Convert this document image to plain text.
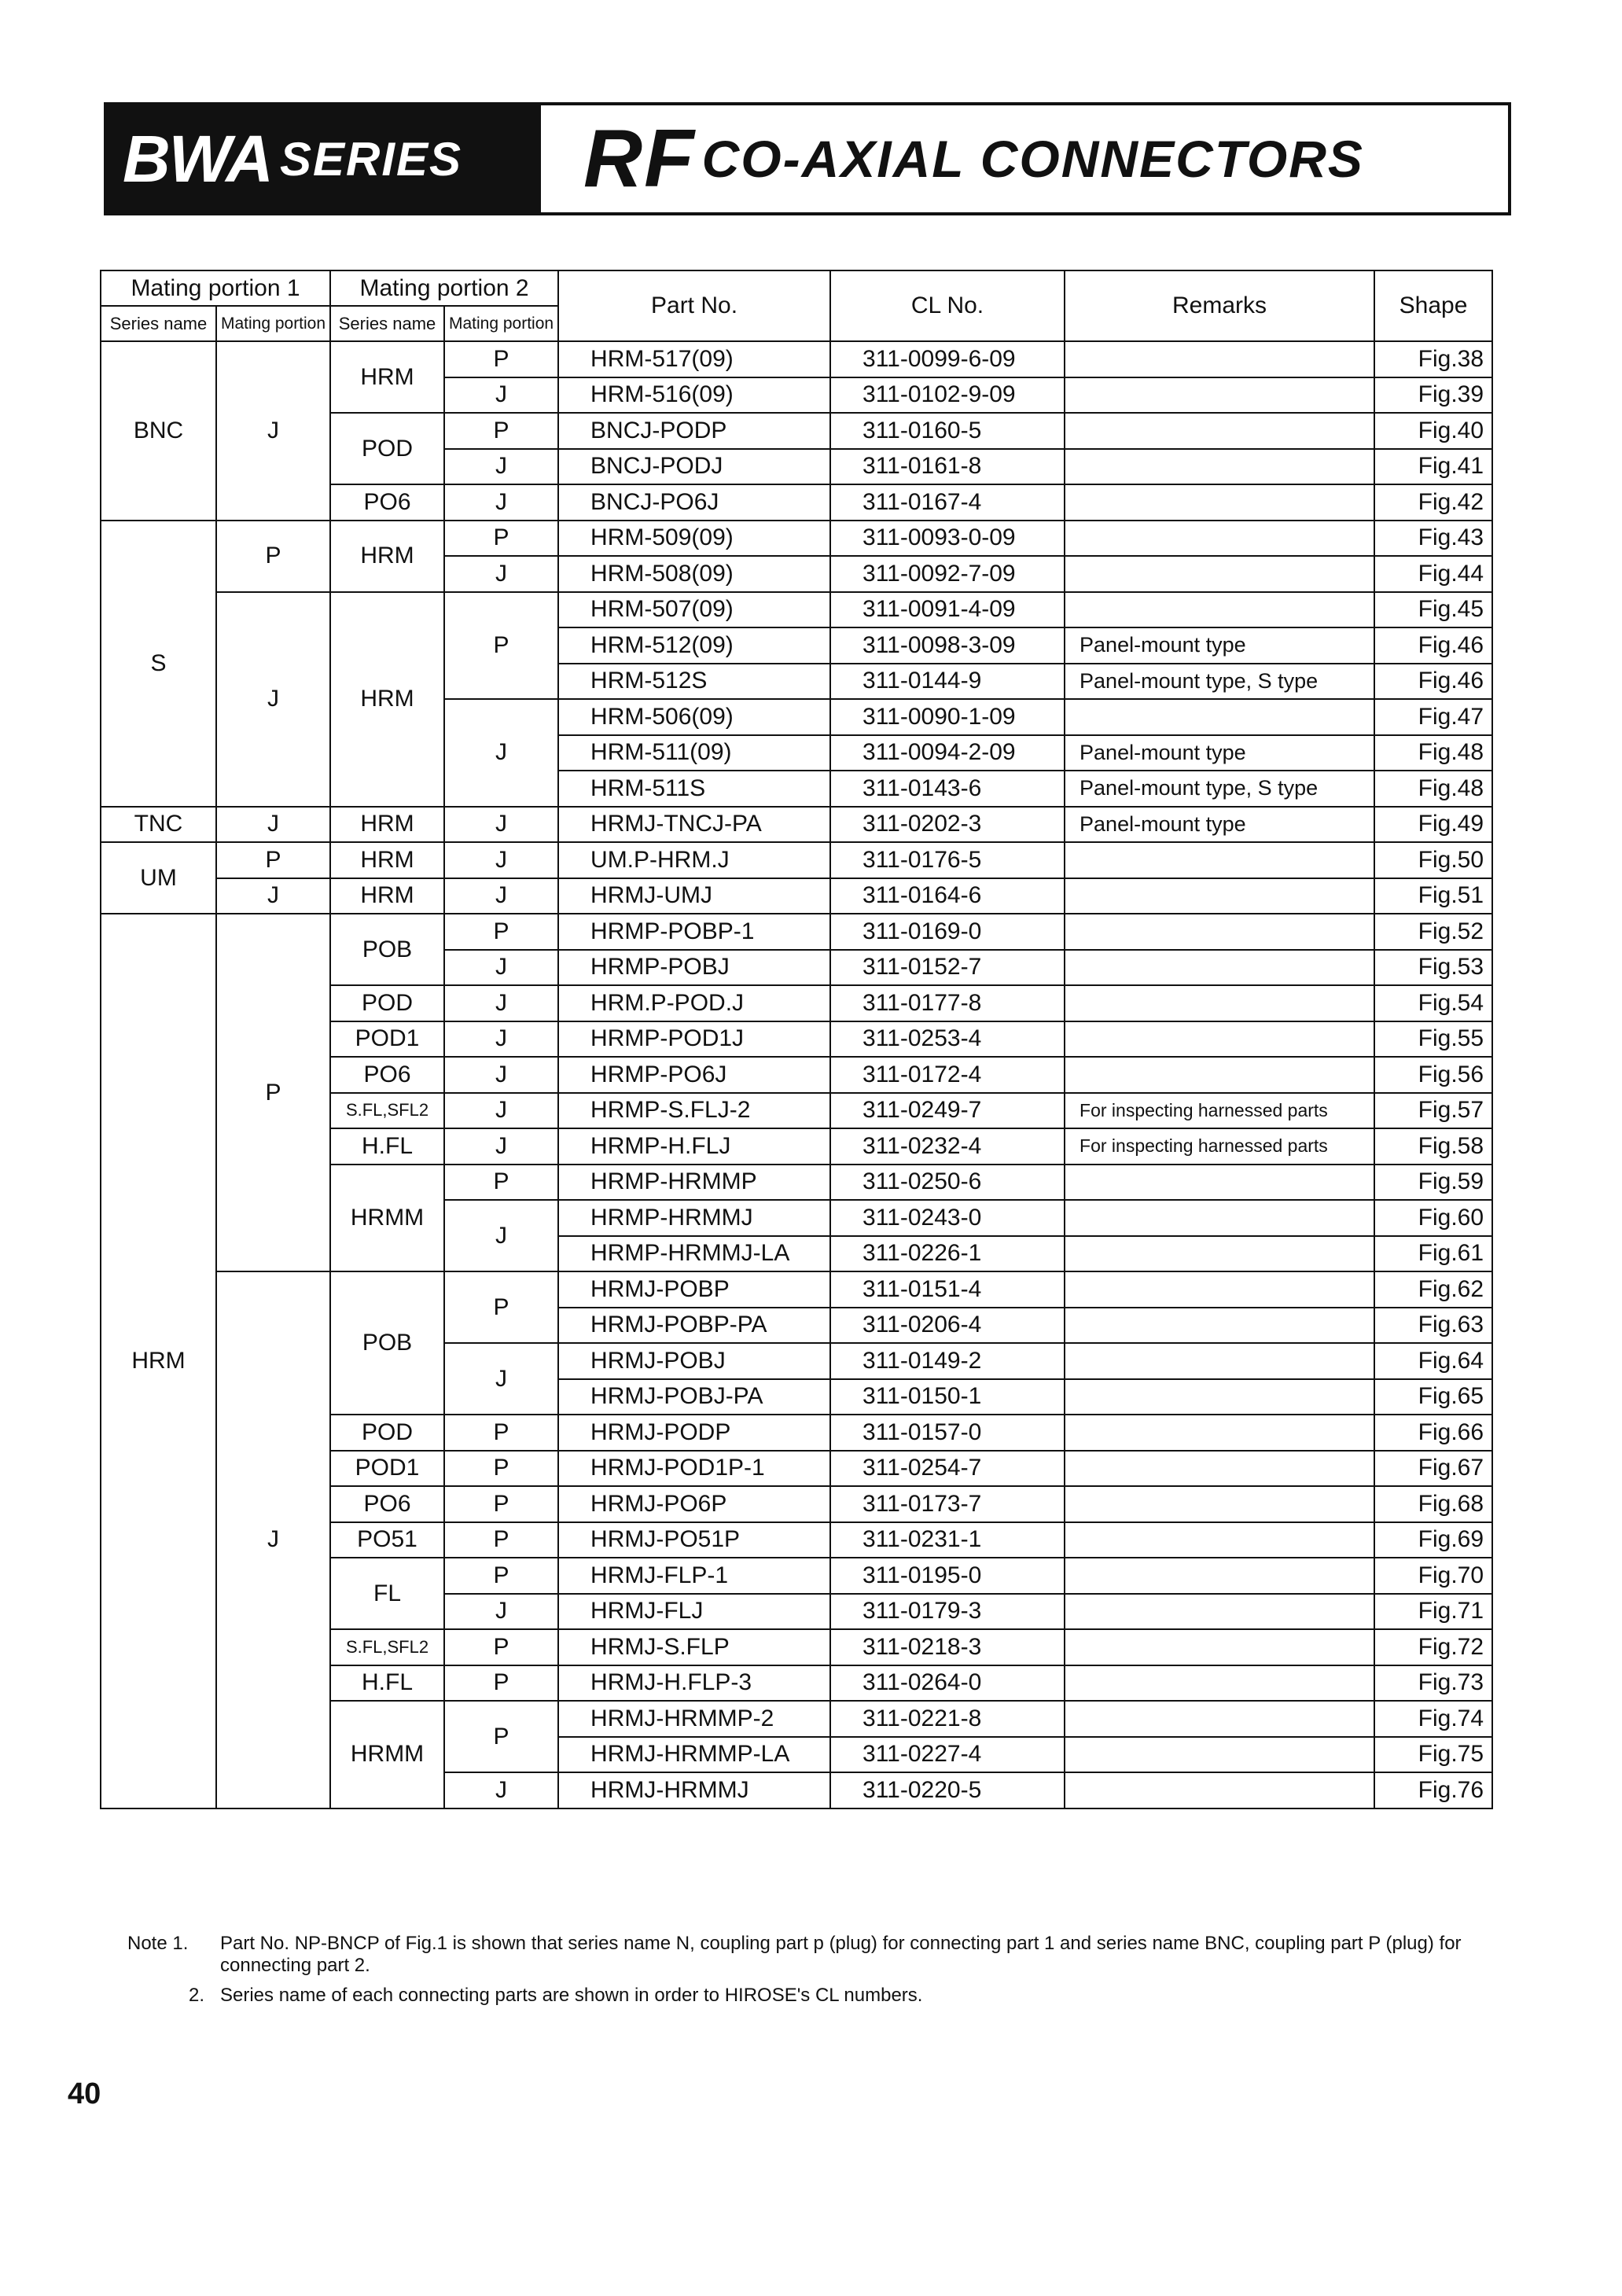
BWA SERIES RF CO-AXIAL CONNECTORS
Mating portion 1		Mating portion 2		Part No.	CL No.	Remarks	Shape
Series name	Mating portion	Series name	Mating portion				
BNC	J	HRM	P	HRM-517(09)	311-0099-6-09		Fig.38
			J	HRM-516(09)	311-0102-9-09		Fig.39
		POD	P	BNCJ-PODP	311-0160-5		Fig.40
			J	BNCJ-PODJ	311-0161-8		Fig.41
		PO6	J	BNCJ-PO6J	311-0167-4		Fig.42
S	P	HRM	P	HRM-509(09)	311-0093-0-09		Fig.43
			J	HRM-508(09)	311-0092-7-09		Fig.44
	J	HRM	P	HRM-507(09)	311-0091-4-09		Fig.45
				HRM-512(09)	311-0098-3-09	Panel-mount type	Fig.46
				HRM-512S	311-0144-9	Panel-mount type, S type	Fig.46
			J	HRM-506(09)	311-0090-1-09		Fig.47
				HRM-511(09)	311-0094-2-09	Panel-mount type	Fig.48
				HRM-511S	311-0143-6	Panel-mount type, S type	Fig.48
TNC	J	HRM	J	HRMJ-TNCJ-PA	311-0202-3	Panel-mount type	Fig.49
UM	P	HRM	J	UM.P-HRM.J	311-0176-5		Fig.50
	J	HRM	J	HRMJ-UMJ	311-0164-6		Fig.51
HRM	P	POB	P	HRMP-POBP-1	311-0169-0		Fig.52
			J	HRMP-POBJ	311-0152-7		Fig.53
		POD	J	HRM.P-POD.J	311-0177-8		Fig.54
		POD1	J	HRMP-POD1J	311-0253-4		Fig.55
		PO6	J	HRMP-PO6J	311-0172-4		Fig.56
		S.FL,SFL2	J	HRMP-S.FLJ-2	311-0249-7	For inspecting harnessed parts	Fig.57
		H.FL	J	HRMP-H.FLJ	311-0232-4	For inspecting harnessed parts	Fig.58
		HRMM	P	HRMP-HRMMP	311-0250-6		Fig.59
			J	HRMP-HRMMJ	311-0243-0		Fig.60
				HRMP-HRMMJ-LA	311-0226-1		Fig.61
	J	POB	P	HRMJ-POBP	311-0151-4		Fig.62
				HRMJ-POBP-PA	311-0206-4		Fig.63
			J	HRMJ-POBJ	311-0149-2		Fig.64
				HRMJ-POBJ-PA	311-0150-1		Fig.65
		POD	P	HRMJ-PODP	311-0157-0		Fig.66
		POD1	P	HRMJ-POD1P-1	311-0254-7		Fig.67
		PO6	P	HRMJ-PO6P	311-0173-7		Fig.68
		PO51	P	HRMJ-PO51P	311-0231-1		Fig.69
		FL	P	HRMJ-FLP-1	311-0195-0		Fig.70
			J	HRMJ-FLJ	311-0179-3		Fig.71
		S.FL,SFL2	P	HRMJ-S.FLP	311-0218-3		Fig.72
		H.FL	P	HRMJ-H.FLP-3	311-0264-0		Fig.73
		HRMM	P	HRMJ-HRMMP-2	311-0221-8		Fig.74
				HRMJ-HRMMP-LA	311-0227-4		Fig.75
			J	HRMJ-HRMMJ	311-0220-5		Fig.76
Note 1.	Part No. NP-BNCP of Fig.1 is shown that series name N, coupling part p (plug) for connecting part 1 and series name BNC, coupling part P (plug) for connecting part 2.
2. Series name of each connecting parts are shown in order to HIROSE's CL numbers.
40
